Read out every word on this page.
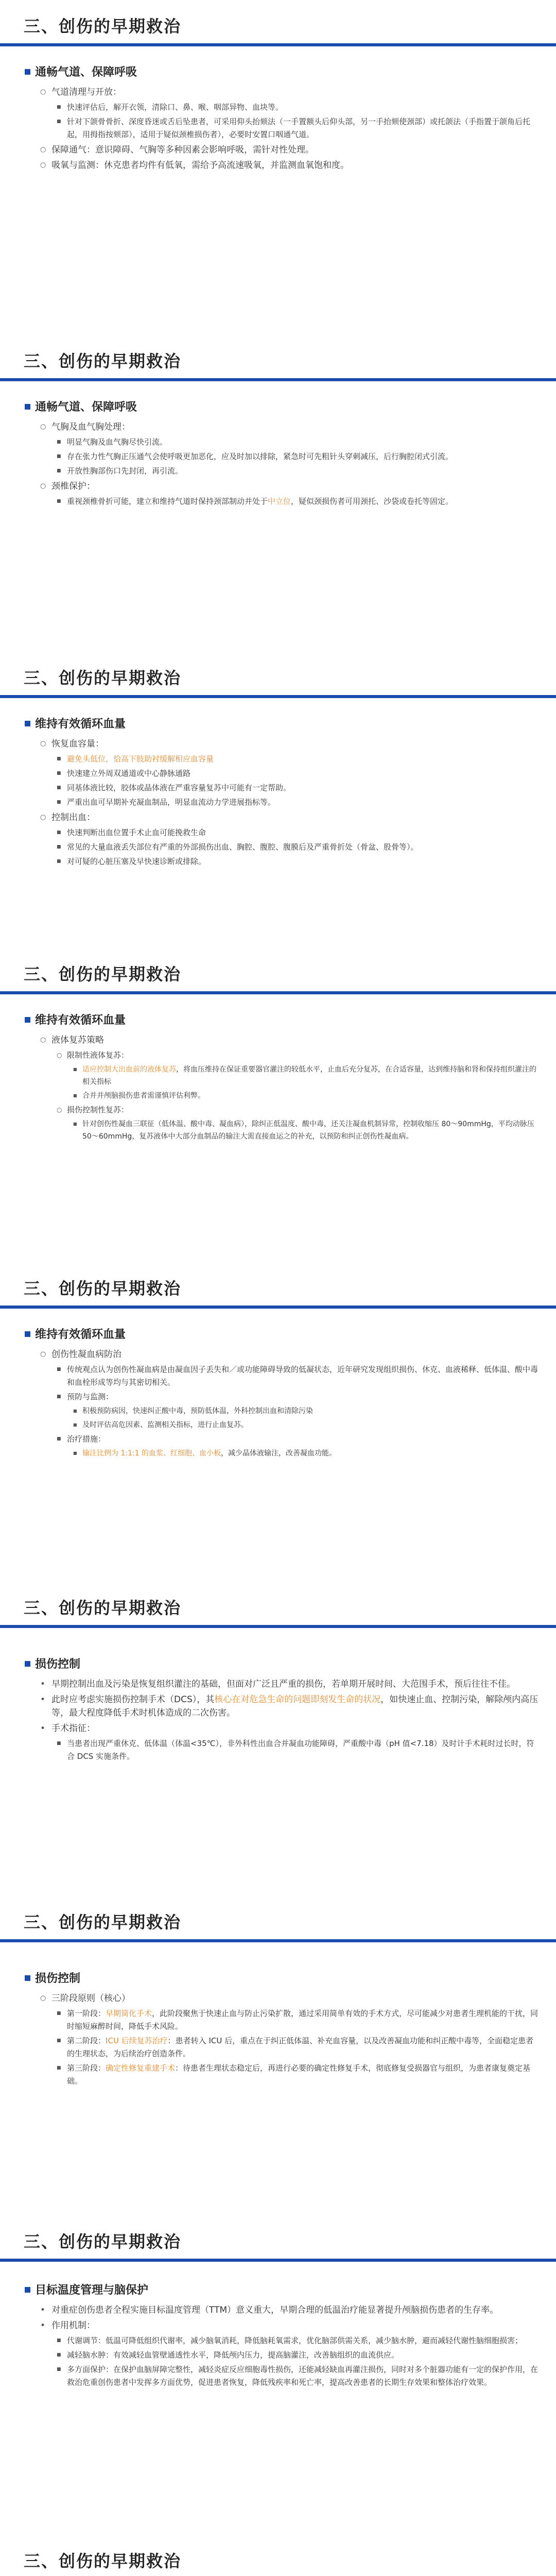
三、创伤的早期救治
通畅气道、保障呼吸
○ 气道清理与开放：
■ 快速评估后，解开衣领，清除口、鼻、喉、咽部异物、血块等。
■ 针对下颌骨骨折、深度昏迷或舌后坠患者，可采用仰头抬颏法（一手置额头后仰头部，另一手抬颏使颈部）或托颌法（手指置于颌角后托起，用拇指按颏部），适用于疑似颈椎损伤者），必要时安置口咽通气道。
○ 保障通气：意识障碍、气胸等多种因素会影响呼吸，需针对性处理。
○ 吸氧与监测：休克患者均件有低氧，需给予高流速吸氧，并监测血氧饱和度。
三、创伤的早期救治
通畅气道、保障呼吸
○ 气胸及血气胸处理：
■ 明显气胸及血气胸尽快引流。
■ 存在张力性气胸正压通气会使呼吸更加恶化，应及时加以排除，紧急时可先粗针头穿刺减压，后行胸腔闭式引流。
■ 开放性胸部伤口先封闭，再引流。
○ 颈椎保护：
■ 重视颈椎骨折可能，建立和维持气道时保持颈部制动并处于中立位，疑似颈损伤者可用颈托、沙袋或卷托等固定。
三、创伤的早期救治
维持有效循环血量
○ 恢复血容量：
■ 避免头低位，恰高下肢助衬缓解相应血容量
■ 快速建立外周双通道或中心静脉通路
■ 同基体液比较，胶体或晶体液在严重容量复苏中可能有一定帮助。
■ 严重出血可早期补充凝血制品，明显血流动力学进展指标等。
○ 控制出血：
■ 快速判断出血位置手术止血可能挽救生命
■ 常见的大量血液丢失部位有严重的外部损伤出血、胸腔、腹腔、腹膜后及严重骨折处（骨盆、股骨等）。
■ 对可疑的心脏压塞及早快速诊断或排除。
三、创伤的早期救治
维持有效循环血量
○ 液体复苏策略
○ 限制性液体复苏：
■ 适应控制大出血前的液体复苏，将血压维持在保证重要器官灌注的较低水平，止血后充分复苏，在合适容量，达到维持脑和肾和保持组织灌注的相关指标
■ 合并并颅脑损伤患者需谨慎评估利弊。
○ 损伤控制性复苏：
■ 针对创伤性凝血三联征（低体温、酸中毒、凝血病），除纠正低温度、酸中毒，还关注凝血机制异常，控制收缩压 80～90mmHg，平均动脉压 50～60mmHg，复苏液体中大部分血制品的输注大需直接血运之的补充，以预防和纠正创伤性凝血病。
三、创伤的早期救治
维持有效循环血量
○ 创伤性凝血病防治
■ 传统观点认为创伤性凝血病是由凝血因子丢失和／或功能障碍导致的低凝状态，近年研究发现组织损伤、休克、血液稀释、低体温、酸中毒和血栓形成等均与其密切相关。
■ 预防与监测：
■ 积极预防病因，快速纠正酸中毒，预防低体温，外科控制出血和清除污染
■ 及时评估高危因素、监测相关指标，进行止血复苏。
■ 治疗措施：
■ 输注比例为 1:1:1 的血浆、红细胞、血小板，减少晶体液输注，改善凝血功能。
三、创伤的早期救治
损伤控制
• 早期控制出血及污染是恢复组织灌注的基础，但面对广泛且严重的损伤，若单期开展时间、大范围手术，预后往往不佳。
• 此时应考虑实施损伤控制手术（DCS），其核心在对危急生命的问题即刻发生命的状况，如快速止血、控制污染，解除颅内高压等，最大程度降低手术时机体造成的二次伤害。
• 手术指征：
■ 当患者出现严重休克、低体温（体温<35℃），非外科性出血合并凝血功能障碍，严重酸中毒（pH 值<7.18）及时计手术耗时过长时，符合 DCS 实施条件。
三、创伤的早期救治
损伤控制
○ 三阶段原则（核心）
■ 第一阶段：早期简化手术，此阶段聚焦于快速止血与防止污染扩散，通过采用简单有效的手术方式，尽可能减少对患者生理机能的干扰，同时缩短麻醉时间，降低手术风险。
■ 第二阶段：ICU 后续复苏治疗：患者转入 ICU 后，重点在于纠正低体温、补充血容量，以及改善凝血功能和纠正酸中毒等，全面稳定患者的生理状态，为后续治疗创造条件。
■ 第三阶段：确定性修复重建手术：待患者生理状态稳定后，再进行必要的确定性修复手术，彻底修复受损器官与组织，为患者康复奠定基础。
三、创伤的早期救治
目标温度管理与脑保护
• 对重症创伤患者全程实施目标温度管理（TTM）意义重大，早期合理的低温治疗能显著提升颅脑损伤患者的生存率。
• 作用机制：
■ 代谢调节：低温可降低组织代谢率，减少脑氧消耗，降低脑耗氧需求，优化脑部供需关系，减少脑水肿，避而减轻代谢性脑细胞损害；
■ 减轻脑水肿：有效减轻血管壁通透性水平，降低颅内压力，提高脑灌注，改善脑组织的血流供应。
■ 多方面保护：在保护血脑屏障完整性，减轻炎症反应细胞毒性损伤，还能减轻缺血再灌注损伤，同时对多个脏器功能有一定的保护作用，在救治危重创伤患者中发挥多方面优势，促进患者恢复，降低残疾率和死亡率，提高改善患者的长期生存效果和整体治疗效果。
三、创伤的早期救治
